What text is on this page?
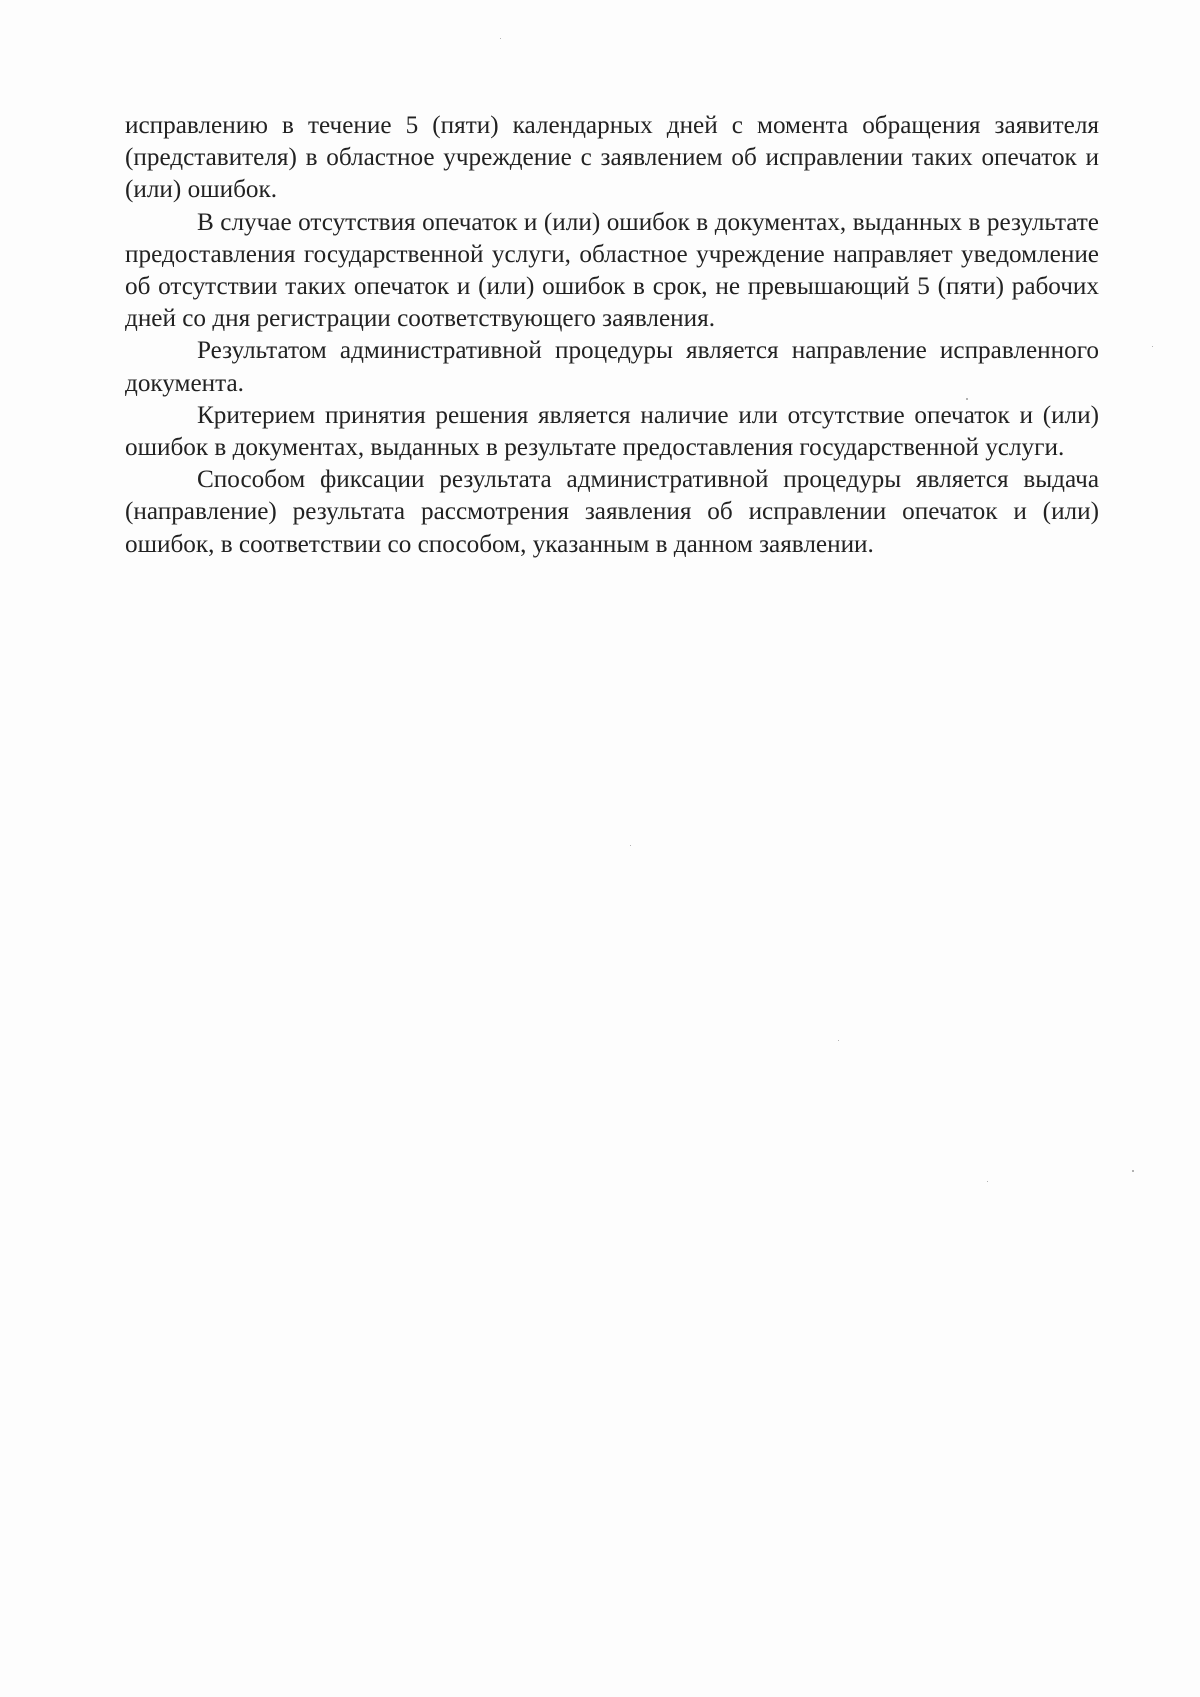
исправлению в течение 5 (пяти) календарных дней с момента обращения заявителя (представителя) в областное учреждение с заявлением об исправлении таких опечаток и (или) ошибок.

В случае отсутствия опечаток и (или) ошибок в документах, выданных в результате предоставления государственной услуги, областное учреждение направляет уведомление об отсутствии таких опечаток и (или) ошибок в срок, не превышающий 5 (пяти) рабочих дней со дня регистрации соответствующего заявления.

Результатом административной процедуры является направление исправленного документа.

Критерием принятия решения является наличие или отсутствие опечаток и (или) ошибок в документах, выданных в результате предоставления государственной услуги.

Способом фиксации результата административной процедуры является выдача (направление) результата рассмотрения заявления об исправлении опечаток и (или) ошибок, в соответствии со способом, указанным в данном заявлении.
